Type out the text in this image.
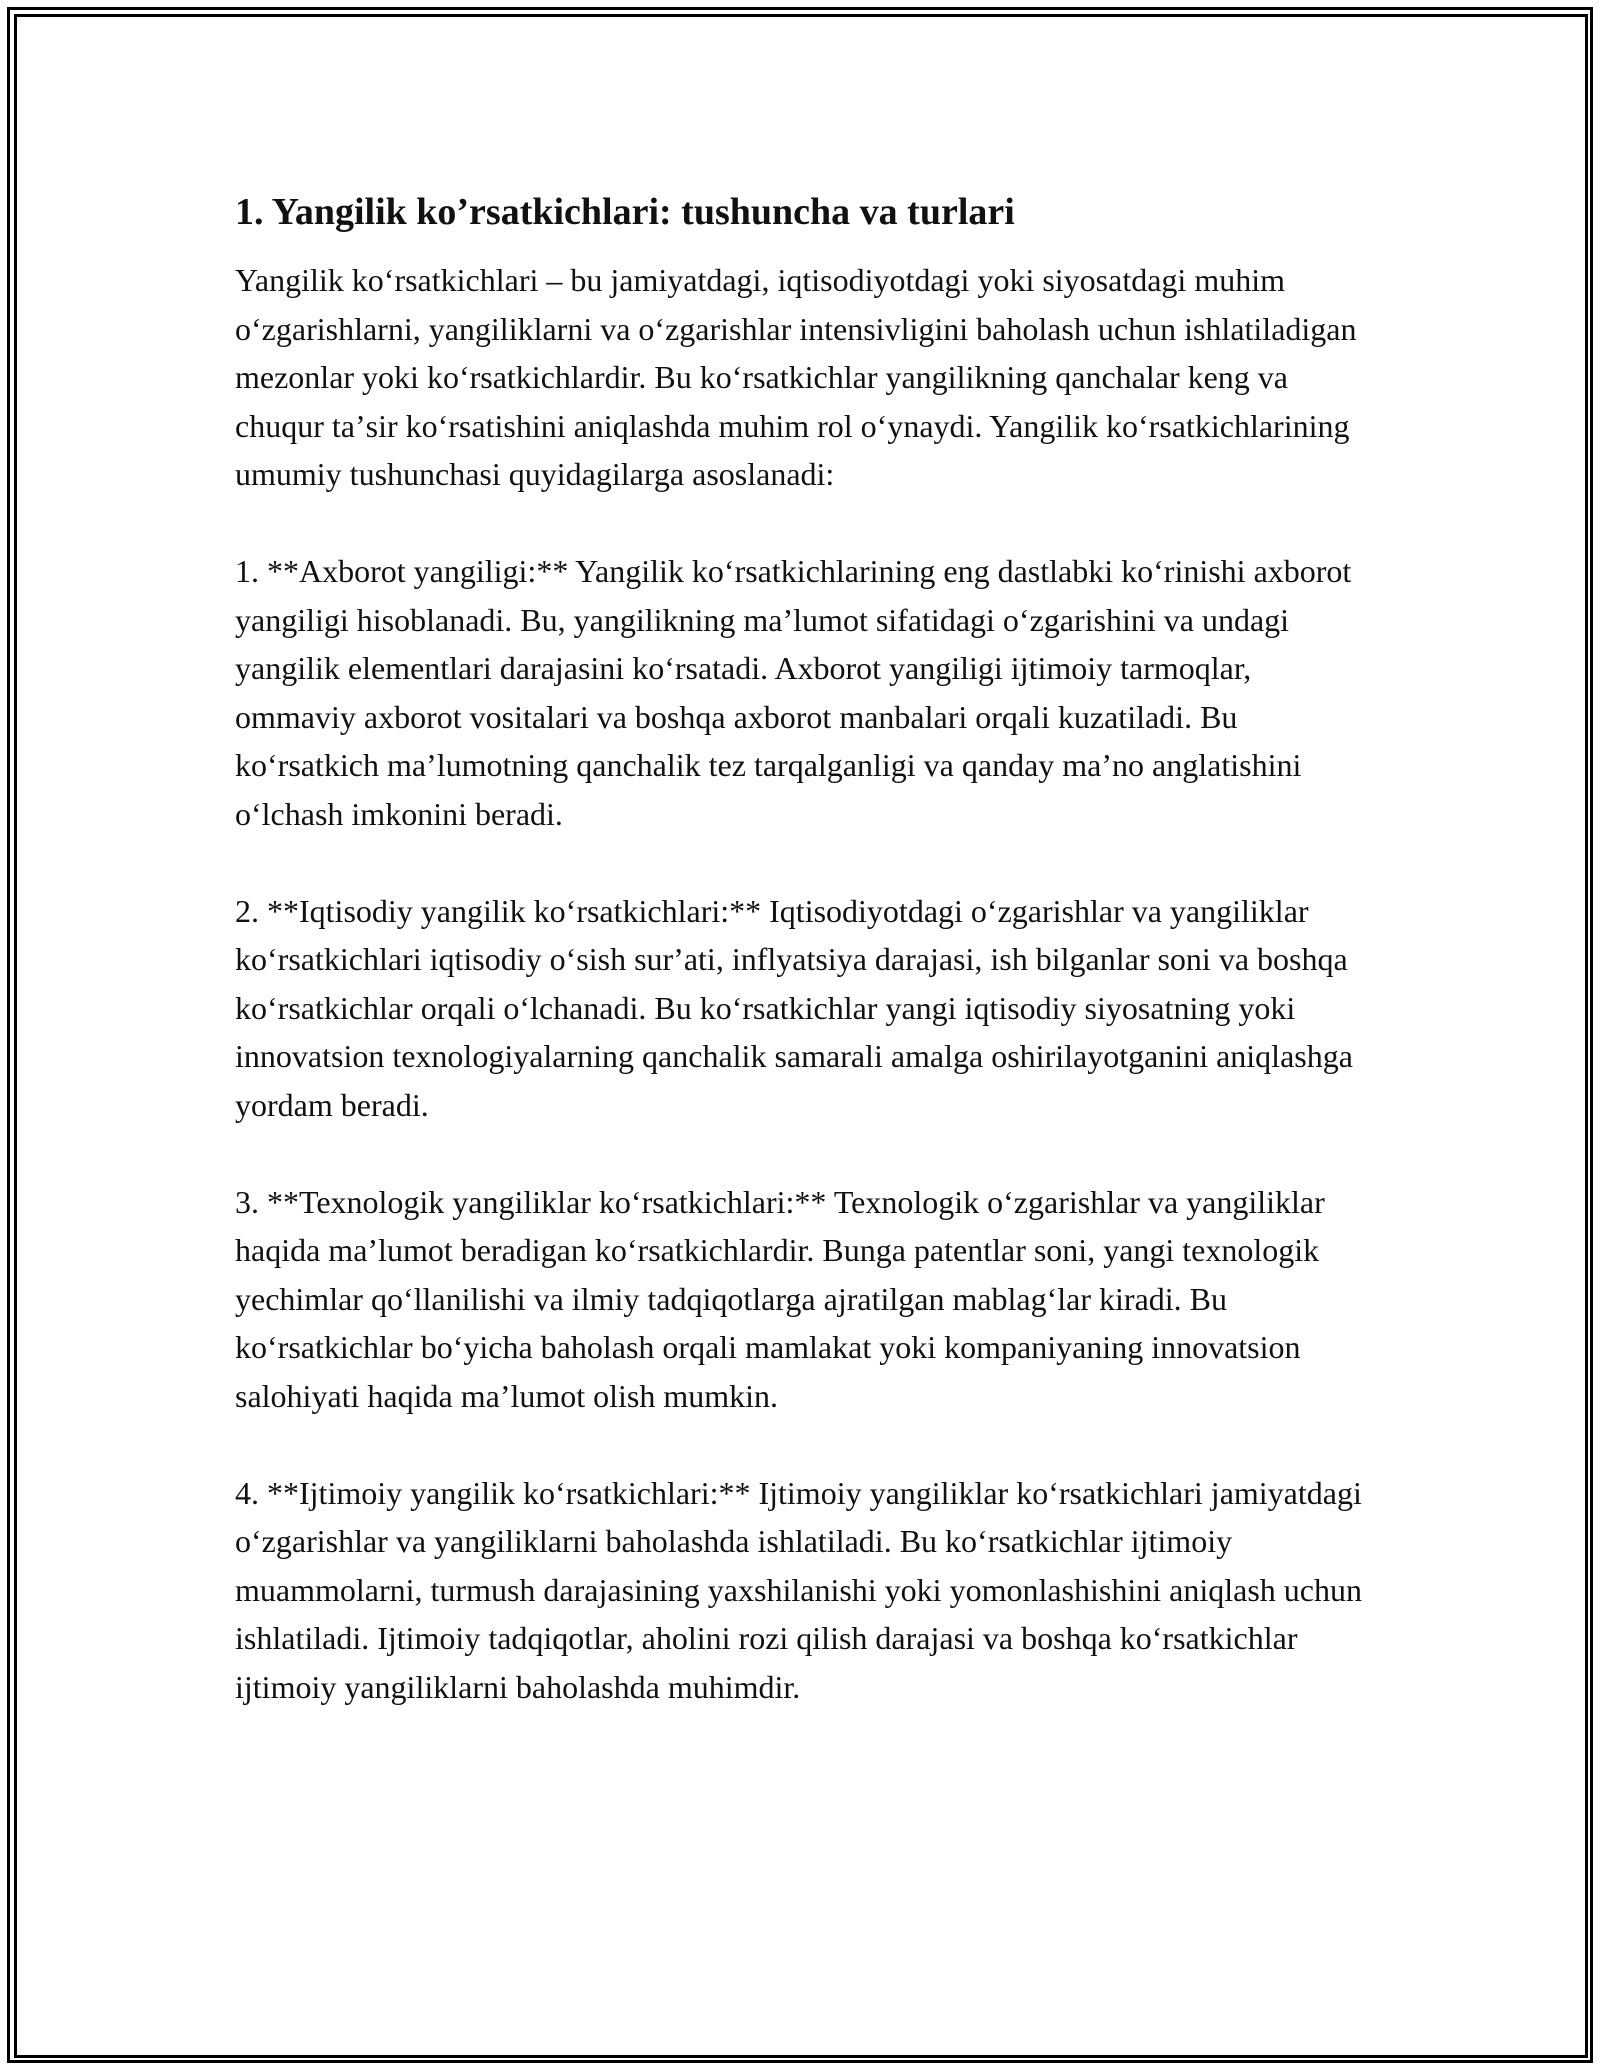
1. Yangilik ko’rsatkichlari: tushuncha va turlari

Yangilik koʻrsatkichlari – bu jamiyatdagi, iqtisodiyotdagi yoki siyosatdagi muhim oʻzgarishlarni, yangiliklarni va oʻzgarishlar intensivligini baholash uchun ishlatiladigan mezonlar yoki koʻrsatkichlardir. Bu koʻrsatkichlar yangilikning qanchalar keng va chuqur taʼsir koʻrsatishini aniqlashda muhim rol oʻynaydi. Yangilik koʻrsatkichlarining umumiy tushunchasi quyidagilarga asoslanadi:

1. **Axborot yangiligi:** Yangilik koʻrsatkichlarining eng dastlabki koʻrinishi axborot yangiligi hisoblanadi. Bu, yangilikning maʼlumot sifatidagi oʻzgarishini va undagi yangilik elementlari darajasini koʻrsatadi. Axborot yangiligi ijtimoiy tarmoqlar, ommaviy axborot vositalari va boshqa axborot manbalari orqali kuzatiladi. Bu koʻrsatkich maʼlumotning qanchalik tez tarqalganligi va qanday maʼno anglatishini oʻlchash imkonini beradi.

2. **Iqtisodiy yangilik koʻrsatkichlari:** Iqtisodiyotdagi oʻzgarishlar va yangiliklar koʻrsatkichlari iqtisodiy oʻsish surʼati, inflyatsiya darajasi, ish bilganlar soni va boshqa koʻrsatkichlar orqali oʻlchanadi. Bu koʻrsatkichlar yangi iqtisodiy siyosatning yoki innovatsion texnologiyalarning qanchalik samarali amalga oshirilayotganini aniqlashga yordam beradi.

3. **Texnologik yangiliklar koʻrsatkichlari:** Texnologik oʻzgarishlar va yangiliklar haqida maʼlumot beradigan koʻrsatkichlardir. Bunga patentlar soni, yangi texnologik yechimlar qoʻllanilishi va ilmiy tadqiqotlarga ajratilgan mablagʻlar kiradi. Bu koʻrsatkichlar boʻyicha baholash orqali mamlakat yoki kompaniyaning innovatsion salohiyati haqida maʼlumot olish mumkin.

4. **Ijtimoiy yangilik koʻrsatkichlari:** Ijtimoiy yangiliklar koʻrsatkichlari jamiyatdagi oʻzgarishlar va yangiliklarni baholashda ishlatiladi. Bu koʻrsatkichlar ijtimoiy muammolarni, turmush darajasining yaxshilanishi yoki yomonlashishini aniqlash uchun ishlatiladi. Ijtimoiy tadqiqotlar, aholini rozi qilish darajasi va boshqa koʻrsatkichlar ijtimoiy yangiliklarni baholashda muhimdir.
